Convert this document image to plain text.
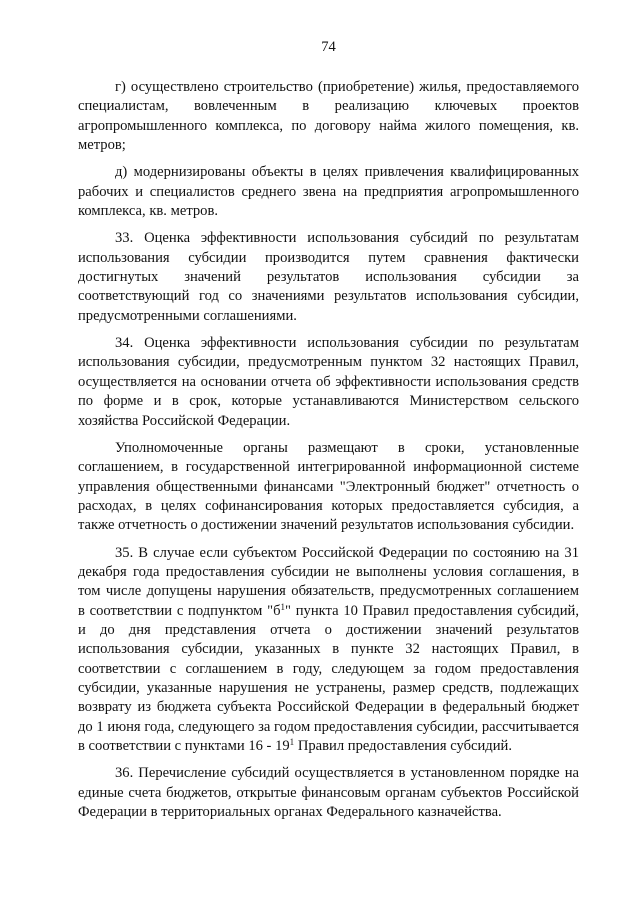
74

г) осуществлено строительство (приобретение) жилья, предоставляемого специалистам, вовлеченным в реализацию ключевых проектов агропромышленного комплекса, по договору найма жилого помещения, кв. метров;

д) модернизированы объекты в целях привлечения квалифицированных рабочих и специалистов среднего звена на предприятия агропромышленного комплекса, кв. метров.

33. Оценка эффективности использования субсидий по результатам использования субсидии производится путем сравнения фактически достигнутых значений результатов использования субсидии за соответствующий год со значениями результатов использования субсидии, предусмотренными соглашениями.

34. Оценка эффективности использования субсидии по результатам использования субсидии, предусмотренным пунктом 32 настоящих Правил, осуществляется на основании отчета об эффективности использования средств по форме и в срок, которые устанавливаются Министерством сельского хозяйства Российской Федерации.

Уполномоченные органы размещают в сроки, установленные соглашением, в государственной интегрированной информационной системе управления общественными финансами "Электронный бюджет" отчетность о расходах, в целях софинансирования которых предоставляется субсидия, а также отчетность о достижении значений результатов использования субсидии.

35. В случае если субъектом Российской Федерации по состоянию на 31 декабря года предоставления субсидии не выполнены условия соглашения, в том числе допущены нарушения обязательств, предусмотренных соглашением в соответствии с подпунктом "$б^1$" пункта 10 Правил предоставления субсидий, и до дня представления отчета о достижении значений результатов использования субсидии, указанных в пункте 32 настоящих Правил, в соответствии с соглашением в году, следующем за годом предоставления субсидии, указанные нарушения не устранены, размер средств, подлежащих возврату из бюджета субъекта Российской Федерации в федеральный бюджет до 1 июня года, следующего за годом предоставления субсидии, рассчитывается в соответствии с пунктами $16 - 19^1$ Правил предоставления субсидий.

36. Перечисление субсидий осуществляется в установленном порядке на единые счета бюджетов, открытые финансовым органам субъектов Российской Федерации в территориальных органах Федерального казначейства.
